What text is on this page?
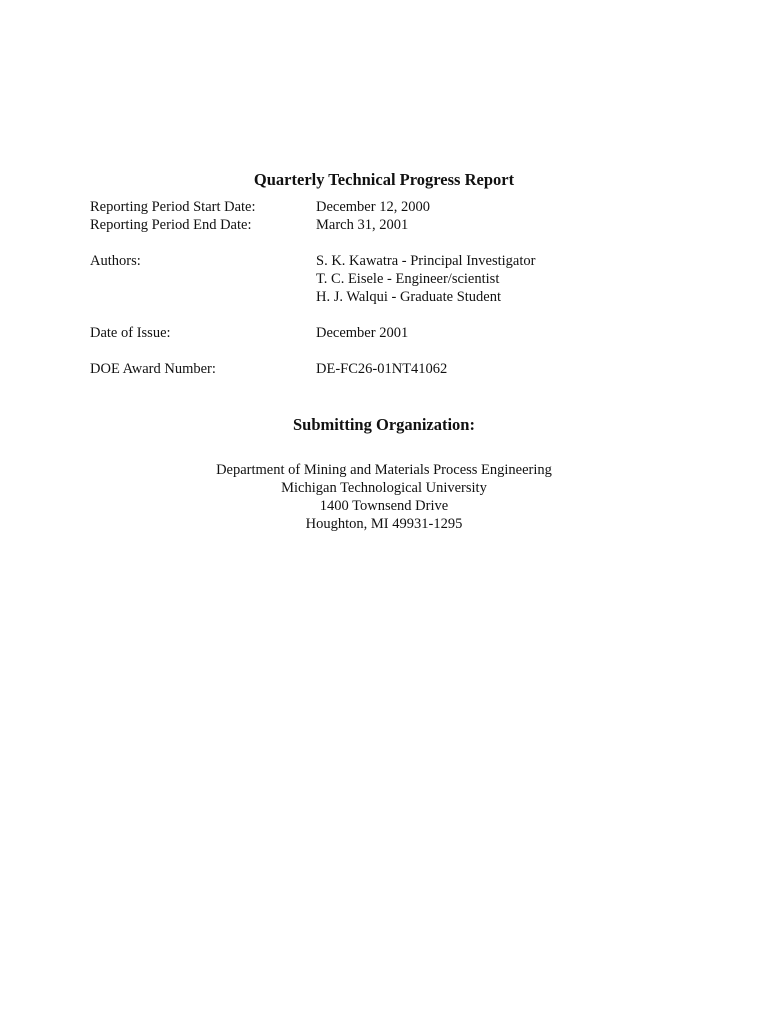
Quarterly Technical Progress Report
Reporting Period Start Date:	December 12, 2000
Reporting Period End Date:	March 31, 2001
Authors:	S. K. Kawatra - Principal Investigator
T. C. Eisele - Engineer/scientist
H. J. Walqui - Graduate Student
Date of Issue:	December 2001
DOE Award Number:	DE-FC26-01NT41062
Submitting Organization:
Department of Mining and Materials Process Engineering
Michigan Technological University
1400 Townsend Drive
Houghton, MI 49931-1295
